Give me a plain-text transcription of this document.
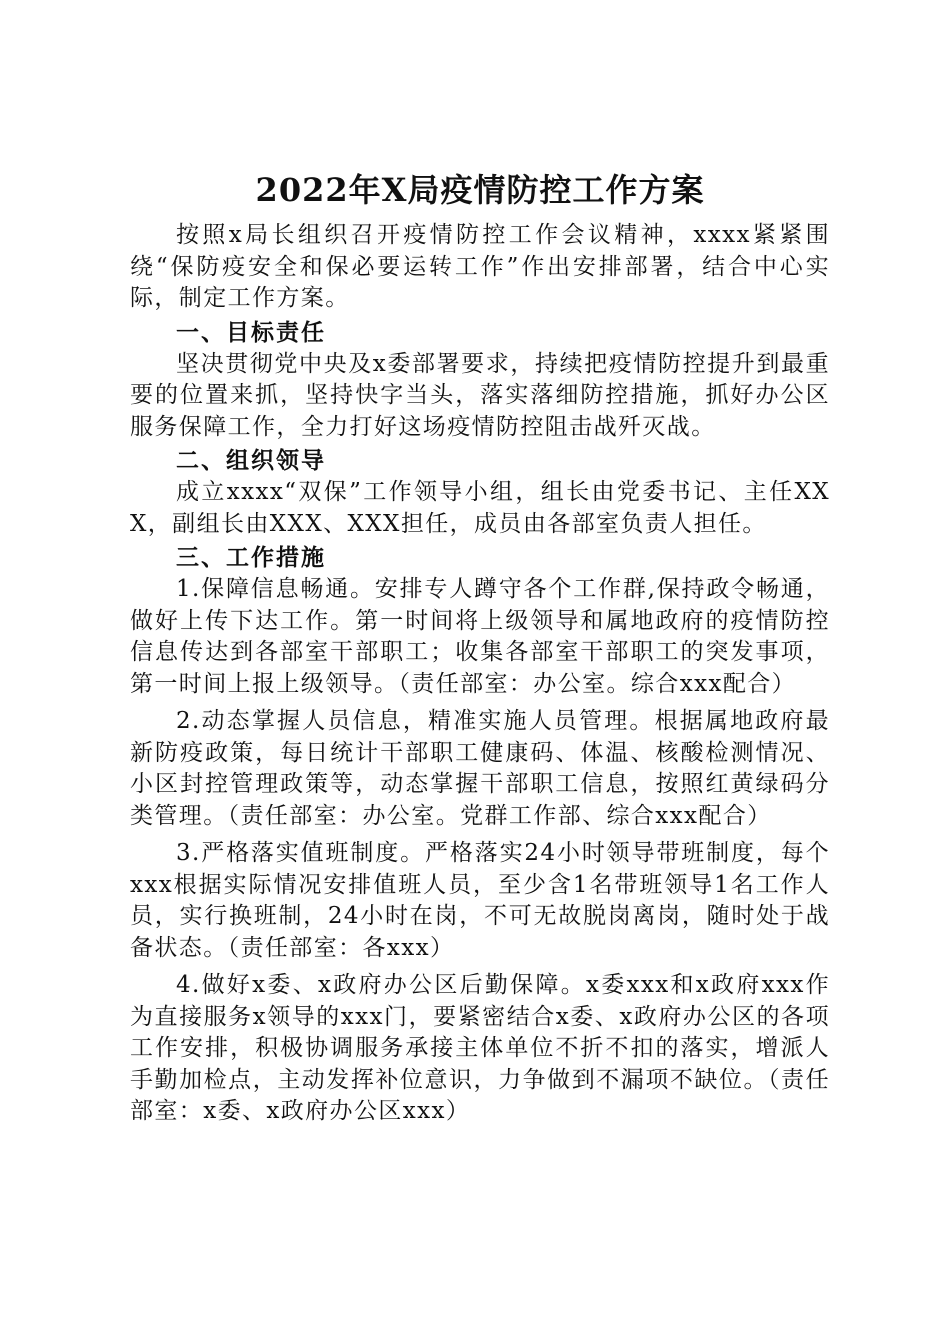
2022年X局疫情防控工作方案

按照x局长组织召开疫情防控工作会议精神，xxxx紧紧围绕“保防疫安全和保必要运转工作”作出安排部署，结合中心实际，制定工作方案。

一、目标责任

坚决贯彻党中央及x委部署要求，持续把疫情防控提升到最重要的位置来抓，坚持快字当头，落实落细防控措施，抓好办公区服务保障工作，全力打好这场疫情防控阻击战歼灭战。

二、组织领导

成立xxxx“双保”工作领导小组，组长由党委书记、主任XXX，副组长由XXX、XXX担任，成员由各部室负责人担任。

三、工作措施

1.保障信息畅通。安排专人蹲守各个工作群,保持政令畅通，做好上传下达工作。第一时间将上级领导和属地政府的疫情防控信息传达到各部室干部职工；收集各部室干部职工的突发事项，第一时间上报上级领导。（责任部室：办公室。综合xxx配合）

2.动态掌握人员信息，精准实施人员管理。根据属地政府最新防疫政策，每日统计干部职工健康码、体温、核酸检测情况、小区封控管理政策等，动态掌握干部职工信息，按照红黄绿码分类管理。（责任部室：办公室。党群工作部、综合xxx配合）

3.严格落实值班制度。严格落实24小时领导带班制度，每个xxx根据实际情况安排值班人员，至少含1名带班领导1名工作人员，实行换班制，24小时在岗，不可无故脱岗离岗，随时处于战备状态。（责任部室：各xxx）

4.做好x委、x政府办公区后勤保障。x委xxx和x政府xxx作为直接服务x领导的xxx门，要紧密结合x委、x政府办公区的各项工作安排，积极协调服务承接主体单位不折不扣的落实，增派人手勤加检点，主动发挥补位意识，力争做到不漏项不缺位。（责任部室：x委、x政府办公区xxx）
